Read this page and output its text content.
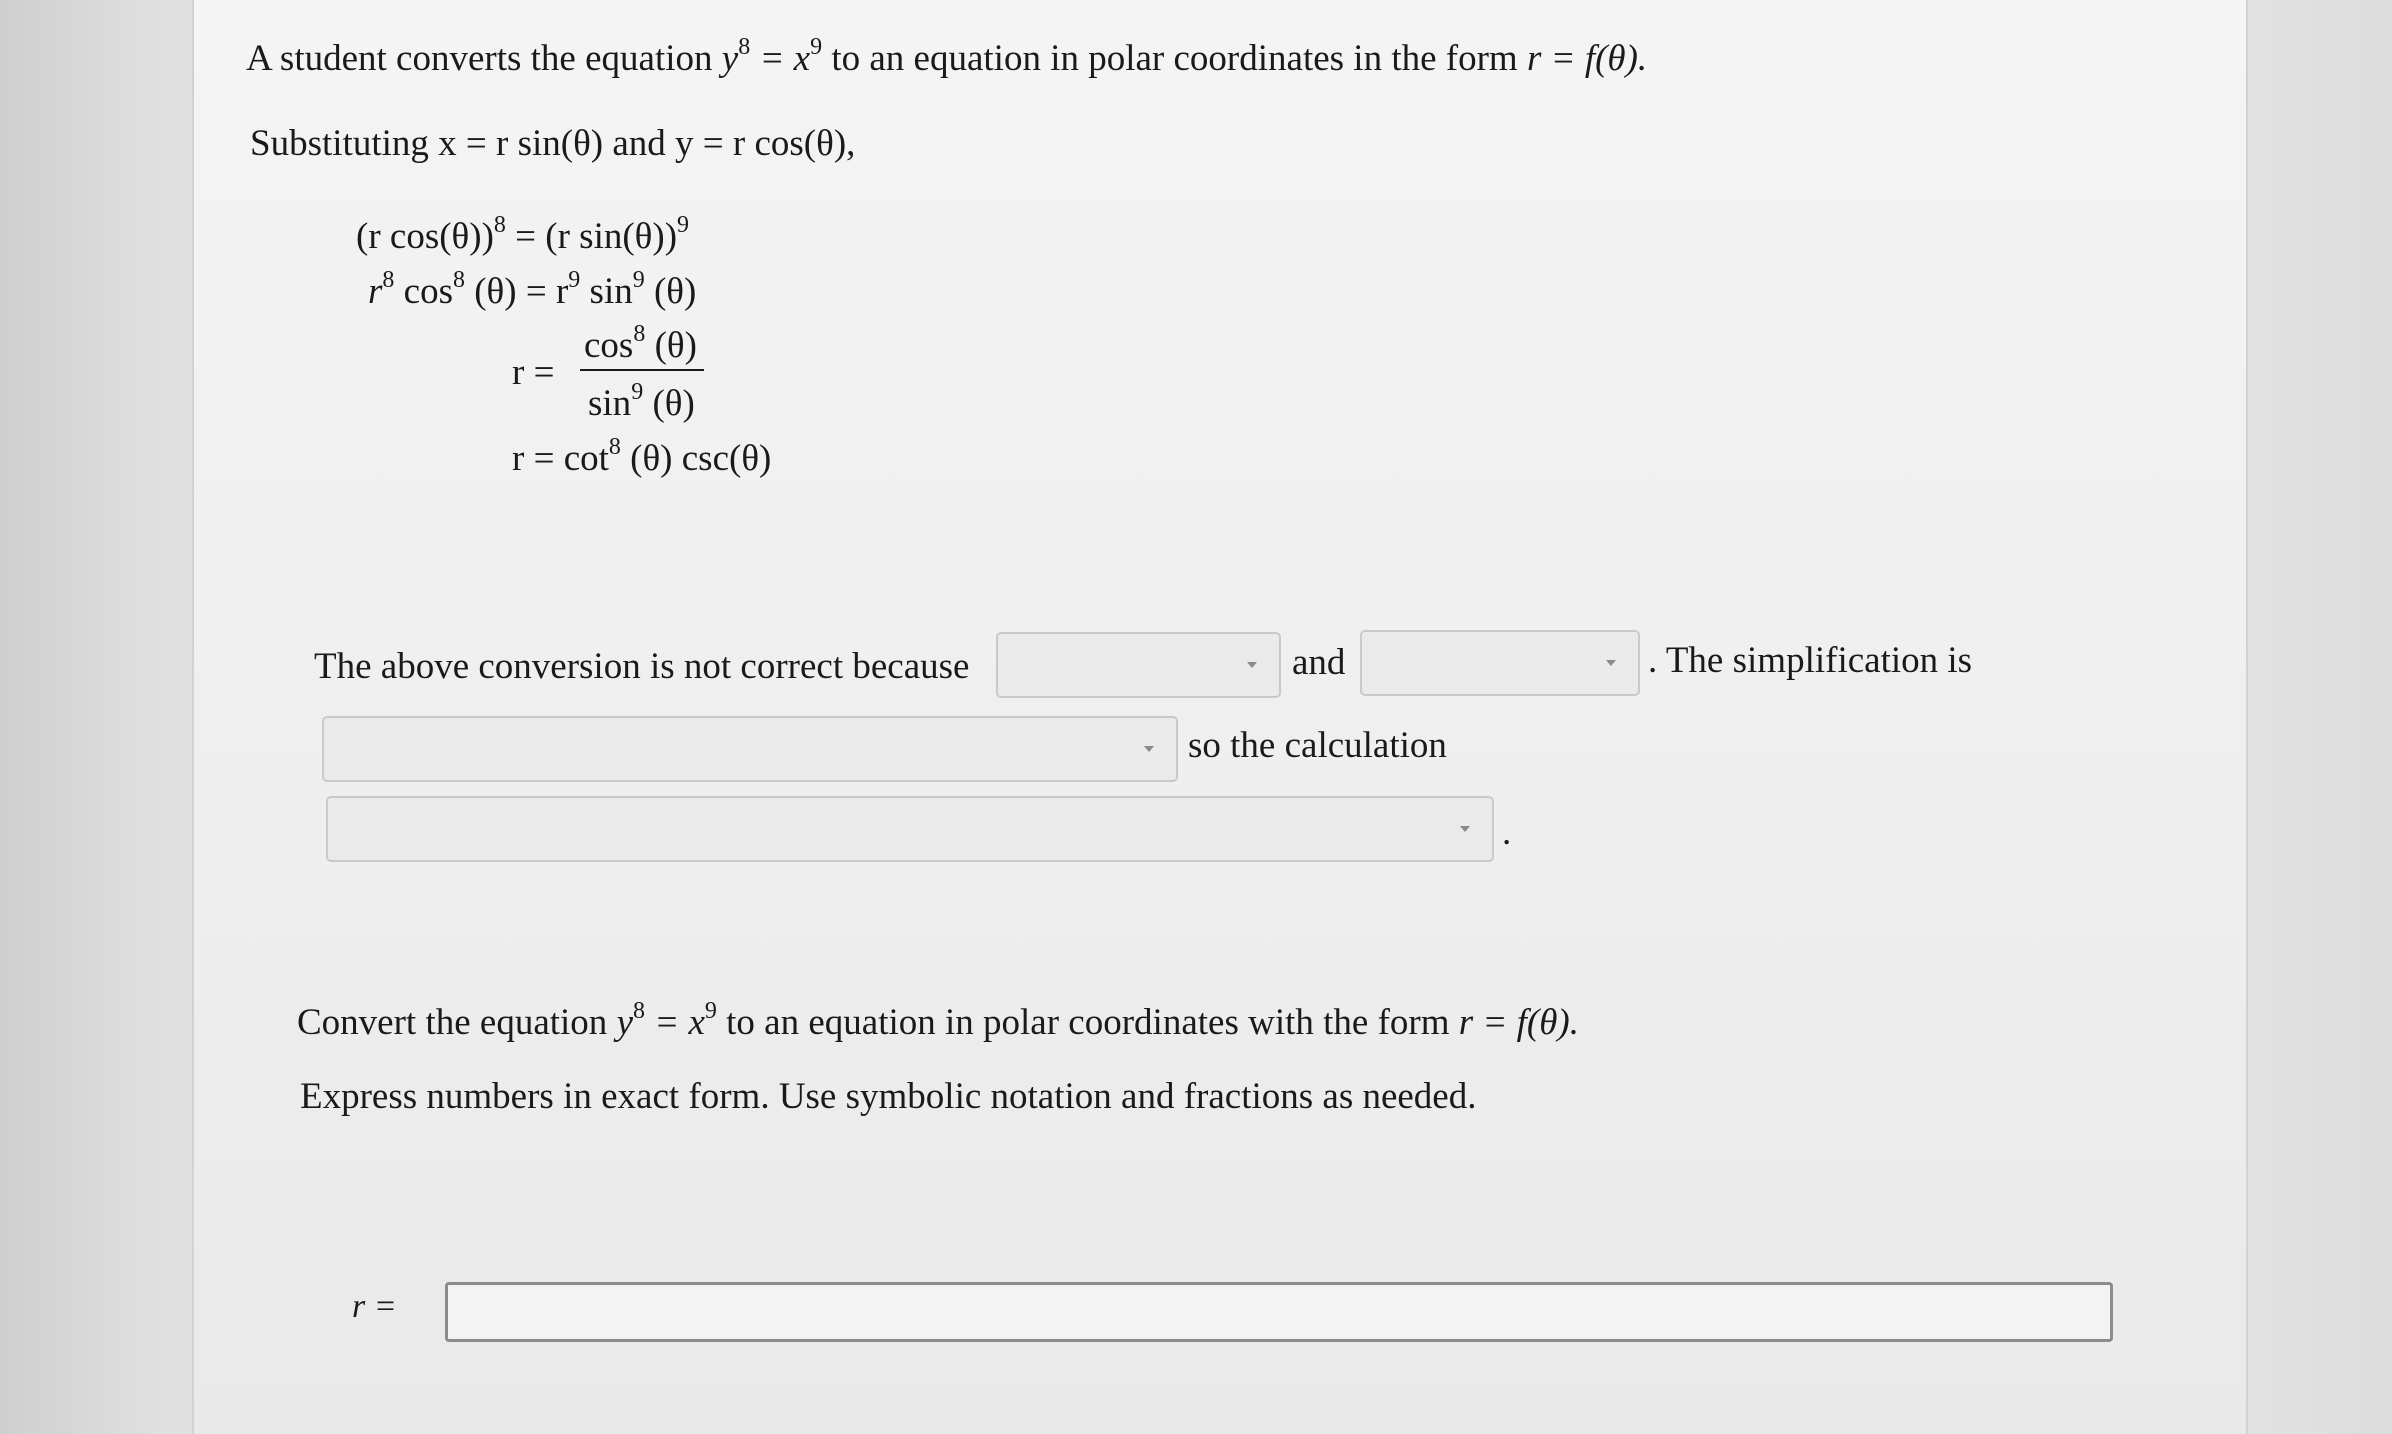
A student converts the equation $y^8 = x^9$ to an equation in polar coordinates in the form r = f(θ).
Substituting x = r sin(θ) and y = r cos(θ),
(r cos(θ))$^8$ = (r sin(θ))$^9$
$r^8$ $\cos^8 (\theta) = r^9$ $\sin^9 (\theta)$
r =
$\cos^8 (\theta)$
$\sin^9 (\theta)$
$r = \cot^8 (\theta)$ csc(θ)
The above conversion is not correct because	and	. The simplification is
so the calculation
.
Convert the equation $y^8 = x^9$ to an equation in polar coordinates with the form r = f(θ).
Express numbers in exact form. Use symbolic notation and fractions as needed.
r =
